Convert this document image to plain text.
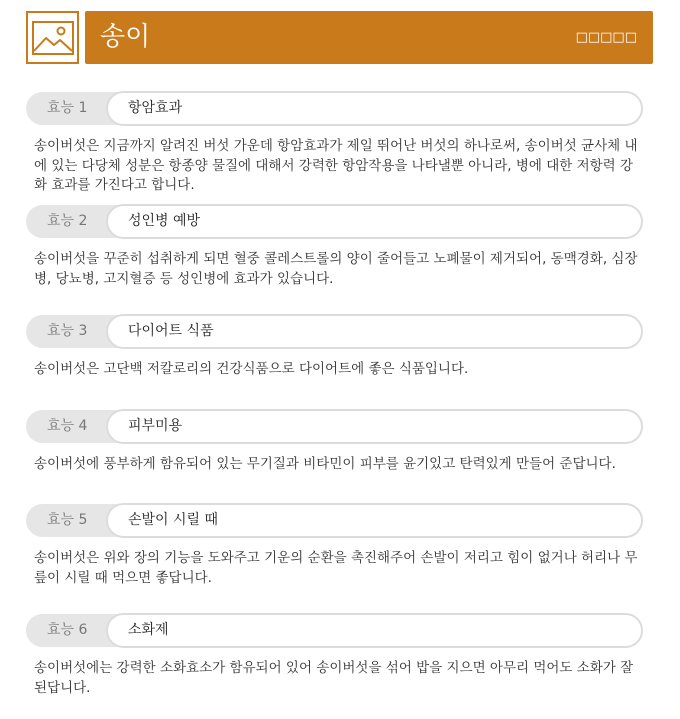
송이	□□□□□
효능 1	항암효과

송이버섯은 지금까지 알려진 버섯 가운데 항암효과가 제일 뛰어난 버섯의 하나로써, 송이버섯 균사체 내에 있는 다당체 성분은 항종양 물질에 대해서 강력한 항암작용을 나타낼뿐 아니라, 병에 대한 저항력 강화 효과를 가진다고 합니다.

효능 2	성인병 예방

송이버섯을 꾸준히 섭취하게 되면 혈중 콜레스트롤의 양이 줄어들고 노폐물이 제거되어, 동맥경화, 심장병, 당뇨병, 고지혈증 등 성인병에 효과가 있습니다.

효능 3	다이어트 식품

송이버섯은 고단백 저칼로리의 건강식품으로 다이어트에 좋은 식품입니다.

효능 4	피부미용

송이버섯에 풍부하게 함유되어 있는 무기질과 비타민이 피부를 윤기있고 탄력있게 만들어 준답니다.

효능 5	손발이 시릴 때

송이버섯은 위와 장의 기능을 도와주고 기운의 순환을 촉진해주어 손발이 저리고 힘이 없거나 허리나 무릎이 시릴 때 먹으면 좋답니다.

효능 6	소화제

송이버섯에는 강력한 소화효소가 함유되어 있어 송이버섯을 섞어 밥을 지으면 아무리 먹어도 소화가 잘 된답니다.
